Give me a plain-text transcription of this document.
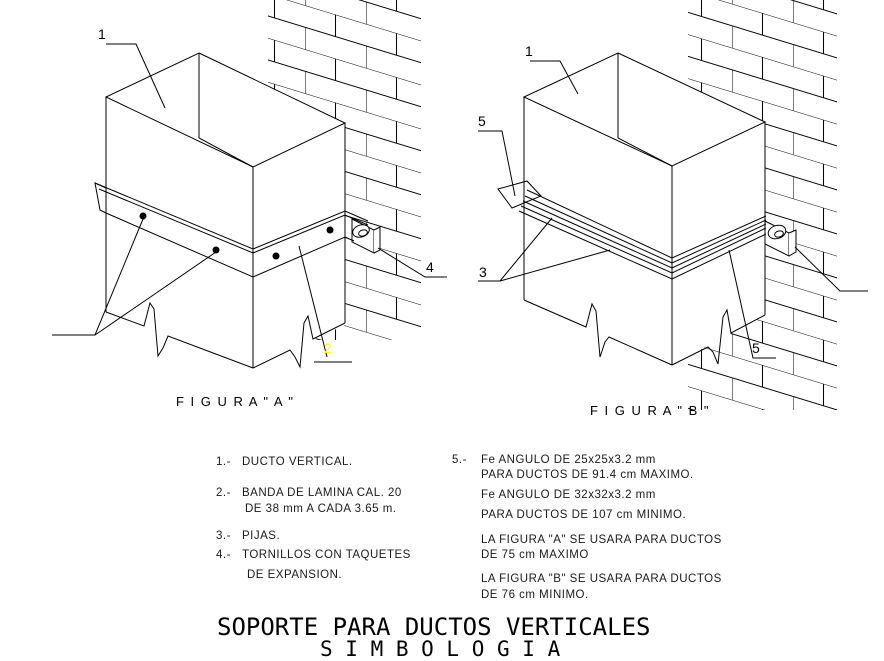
1
2
4
1
5
3
5
F I G U R A " A "
F I G U R A " B "
1.- DUCTO VERTICAL.
2.- BANDA DE LAMINA CAL. 20
DE 38 mm A CADA 3.65 m.
3.- PIJAS.
4.- TORNILLOS CON TAQUETES
DE EXPANSION.
5.- Fe ANGULO DE 25x25x3.2 mm
PARA DUCTOS DE 91.4 cm MAXIMO.
Fe ANGULO DE 32x32x3.2 mm
PARA DUCTOS DE 107 cm MINIMO.
LA FIGURA "A" SE USARA PARA DUCTOS
DE 75 cm MAXIMO
LA FIGURA "B" SE USARA PARA DUCTOS
DE 76 cm MINIMO.
SOPORTE PARA DUCTOS VERTICALES
S I M B O L O G I A
